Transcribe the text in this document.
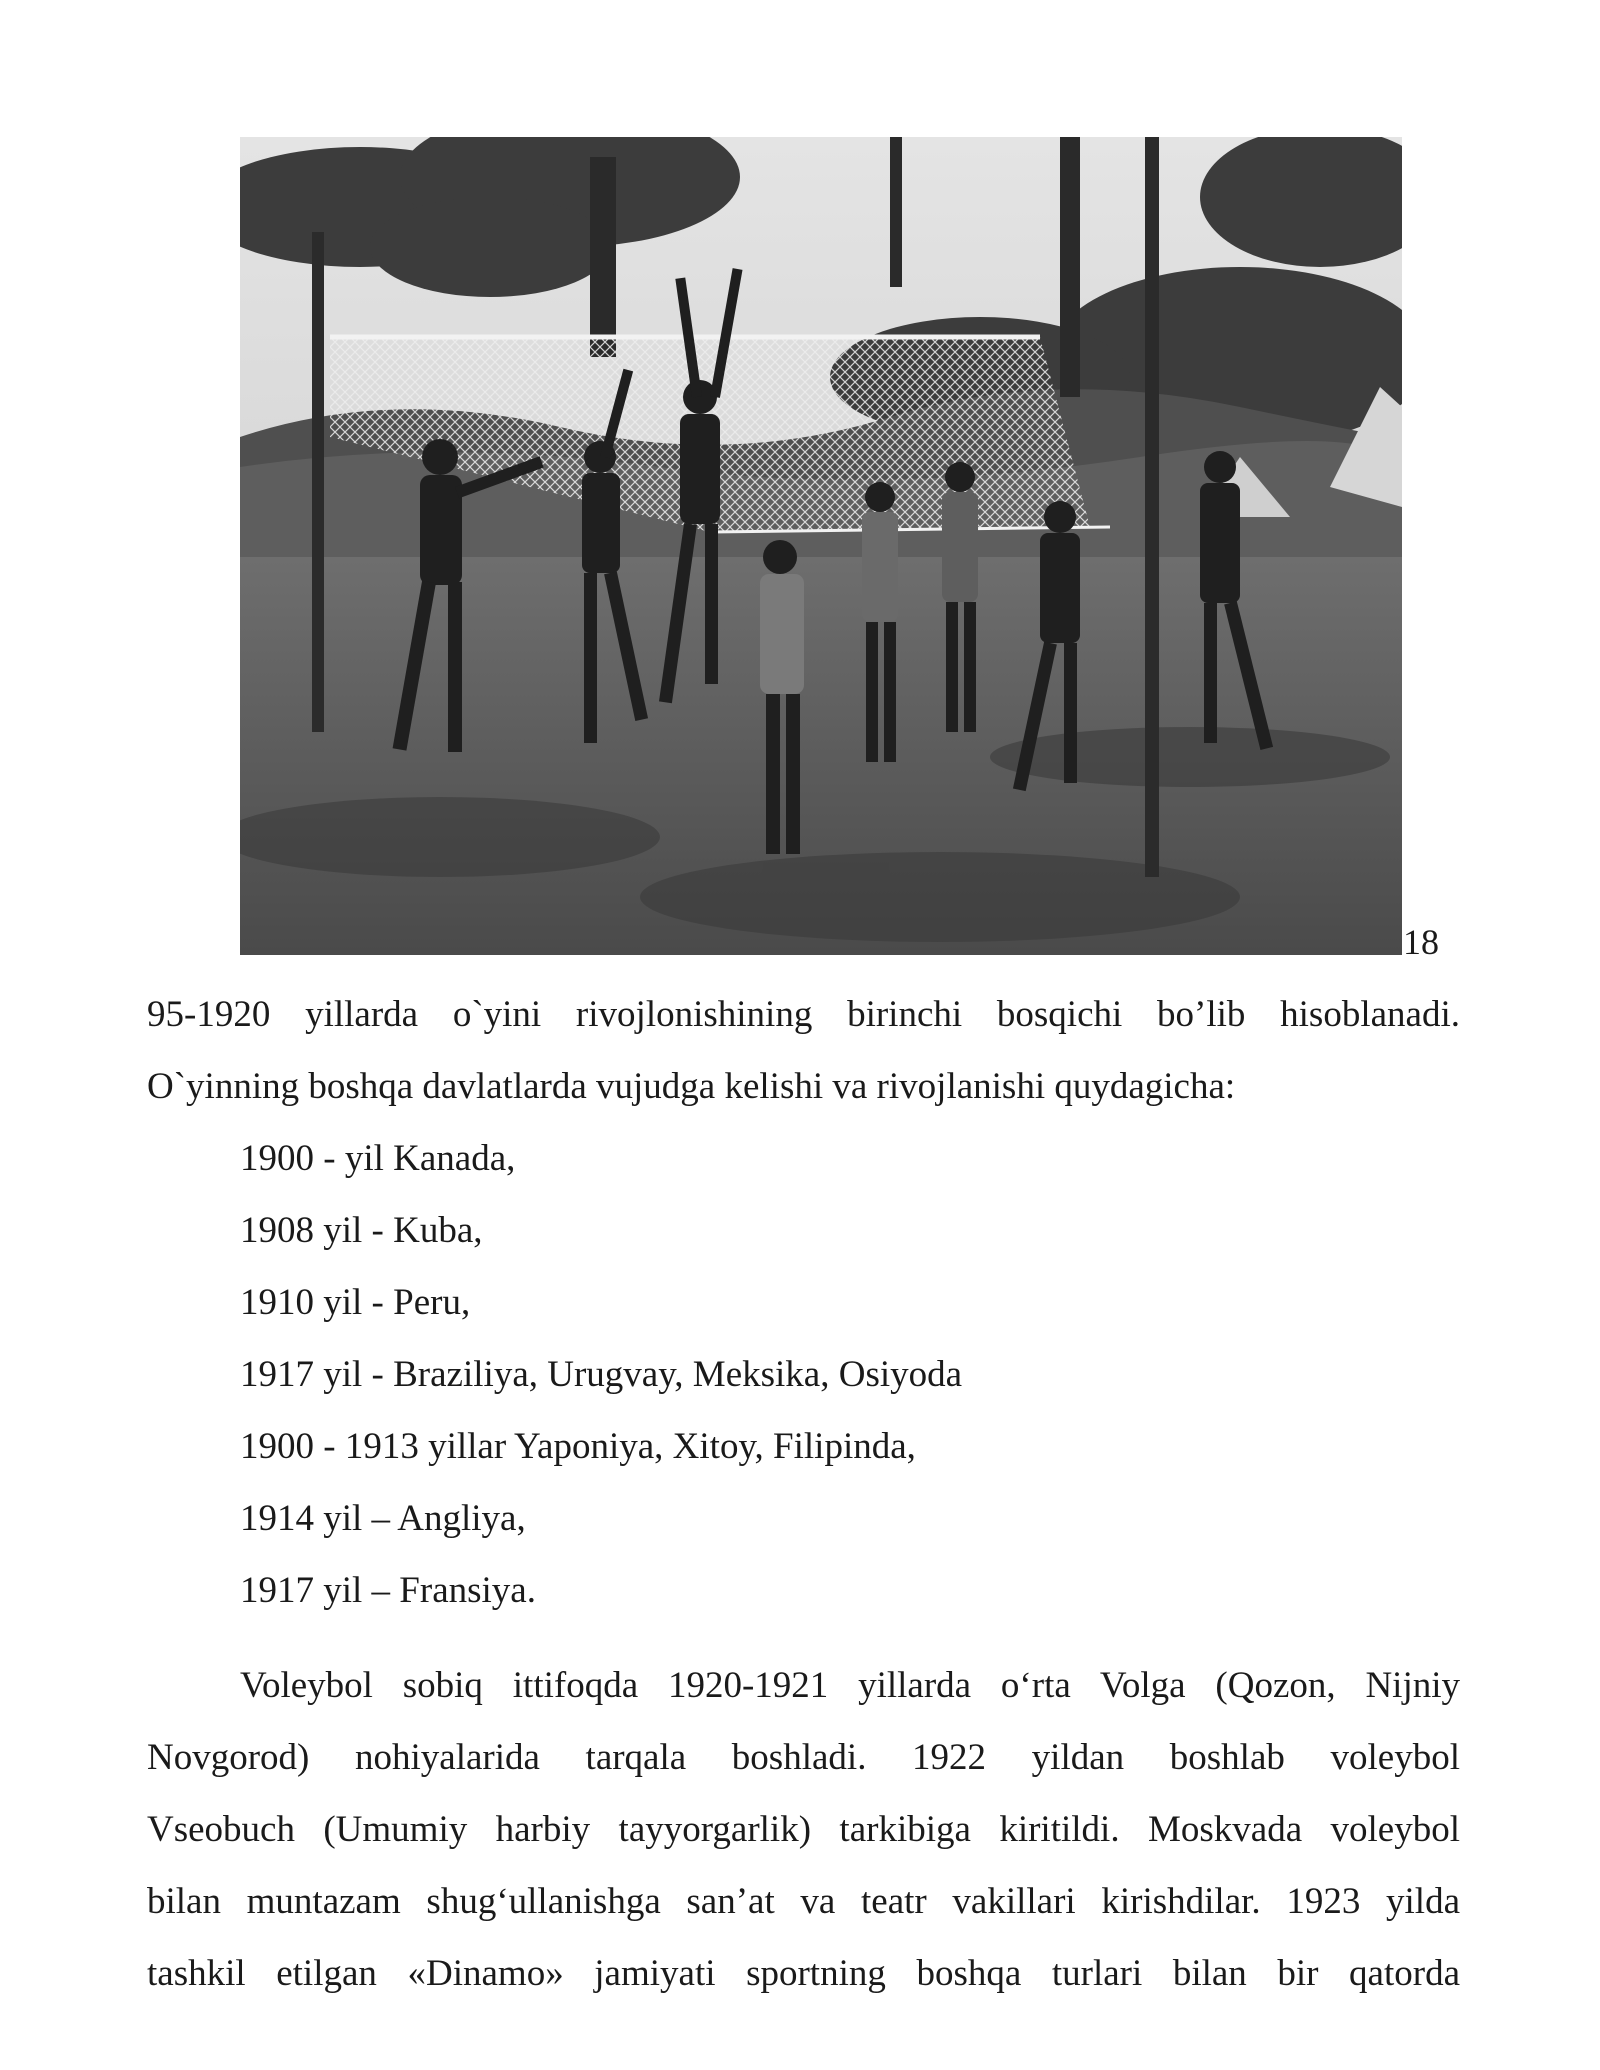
18
95-1920 yillarda o`yini rivojlonishining birinchi bosqichi bo’lib hisoblanadi.
O`yinning boshqa davlatlarda vujudga kelishi va rivojlanishi quydagicha:
1900 - yil Kanada,
1908 yil - Kuba,
1910 yil - Peru,
1917 yil - Braziliya, Urugvay, Meksika, Osiyoda
1900 - 1913 yillar Yaponiya, Xitoy, Filipinda,
1914 yil – Angliya,
1917 yil – Fransiya.
Voleybol sobiq ittifoqda 1920-1921 yillarda o‘rta Volga (Qozon, Nijniy
Novgorod) nohiyalarida tarqala boshladi. 1922 yildan boshlab voleybol
Vseobuch (Umumiy harbiy tayyorgarlik) tarkibiga kiritildi. Moskvada voleybol
bilan muntazam shug‘ullanishga san’at va teatr vakillari kirishdilar. 1923 yilda
tashkil etilgan «Dinamo» jamiyati sportning boshqa turlari bilan bir qatorda
